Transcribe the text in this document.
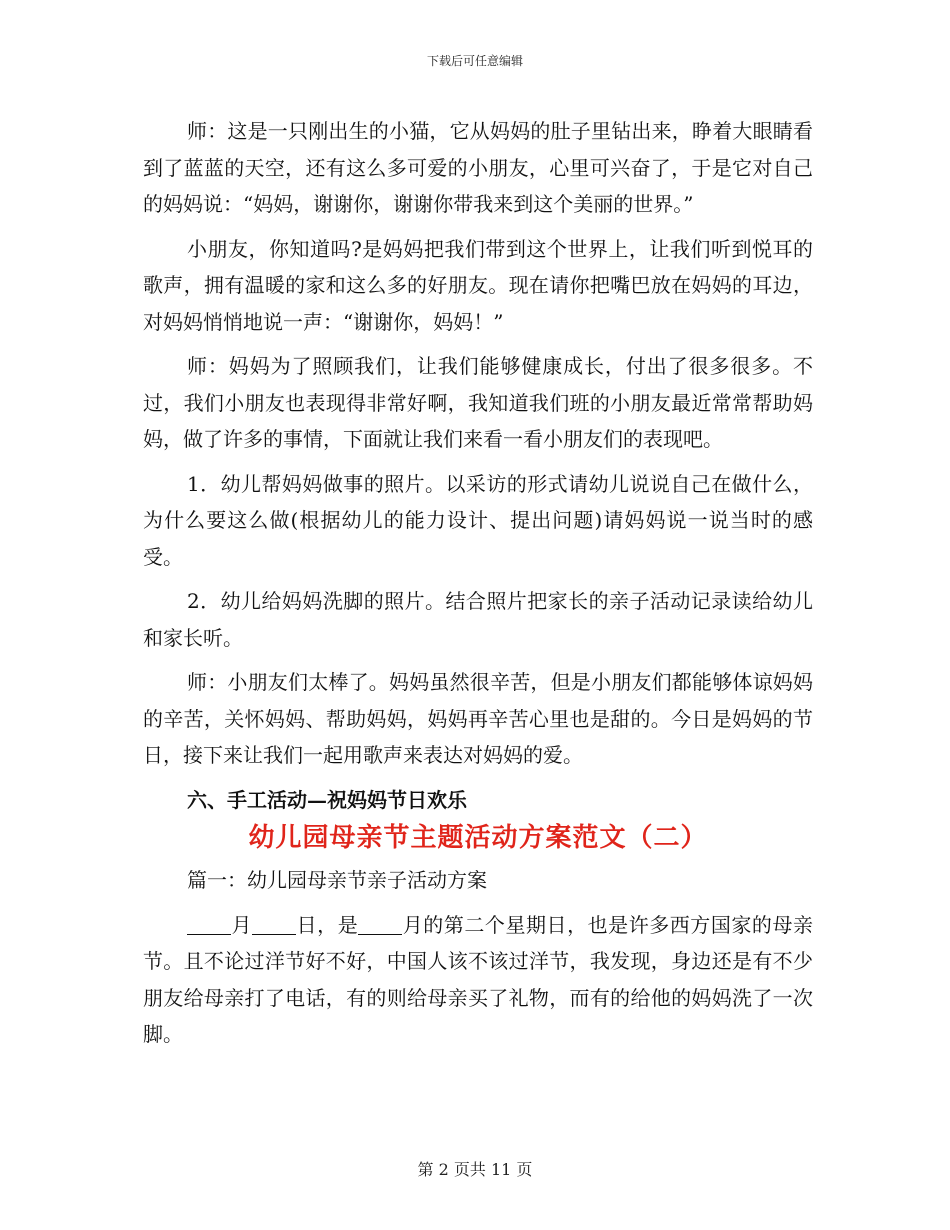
下载后可任意编辑

师：这是一只刚出生的小猫，它从妈妈的肚子里钻出来，睁着大眼睛看到了蓝蓝的天空，还有这么多可爱的小朋友，心里可兴奋了，于是它对自己的妈妈说：“妈妈，谢谢你，谢谢你带我来到这个美丽的世界。”

小朋友，你知道吗?是妈妈把我们带到这个世界上，让我们听到悦耳的歌声，拥有温暖的家和这么多的好朋友。现在请你把嘴巴放在妈妈的耳边，对妈妈悄悄地说一声：“谢谢你，妈妈！”

师：妈妈为了照顾我们，让我们能够健康成长，付出了很多很多。不过，我们小朋友也表现得非常好啊，我知道我们班的小朋友最近常常帮助妈妈，做了许多的事情，下面就让我们来看一看小朋友们的表现吧。

1．幼儿帮妈妈做事的照片。以采访的形式请幼儿说说自己在做什么，为什么要这么做(根据幼儿的能力设计、提出问题)请妈妈说一说当时的感受。

2．幼儿给妈妈洗脚的照片。结合照片把家长的亲子活动记录读给幼儿和家长听。

师：小朋友们太棒了。妈妈虽然很辛苦，但是小朋友们都能够体谅妈妈的辛苦，关怀妈妈、帮助妈妈，妈妈再辛苦心里也是甜的。今日是妈妈的节日，接下来让我们一起用歌声来表达对妈妈的爱。

六、手工活动—祝妈妈节日欢乐

幼儿园母亲节主题活动方案范文（二）

篇一：幼儿园母亲节亲子活动方案

月 日，是 月的第二个星期日，也是许多西方国家的母亲节。且不论过洋节好不好，中国人该不该过洋节，我发现，身边还是有不少朋友给母亲打了电话，有的则给母亲买了礼物，而有的给他的妈妈洗了一次脚。

第 2 页共 11 页
